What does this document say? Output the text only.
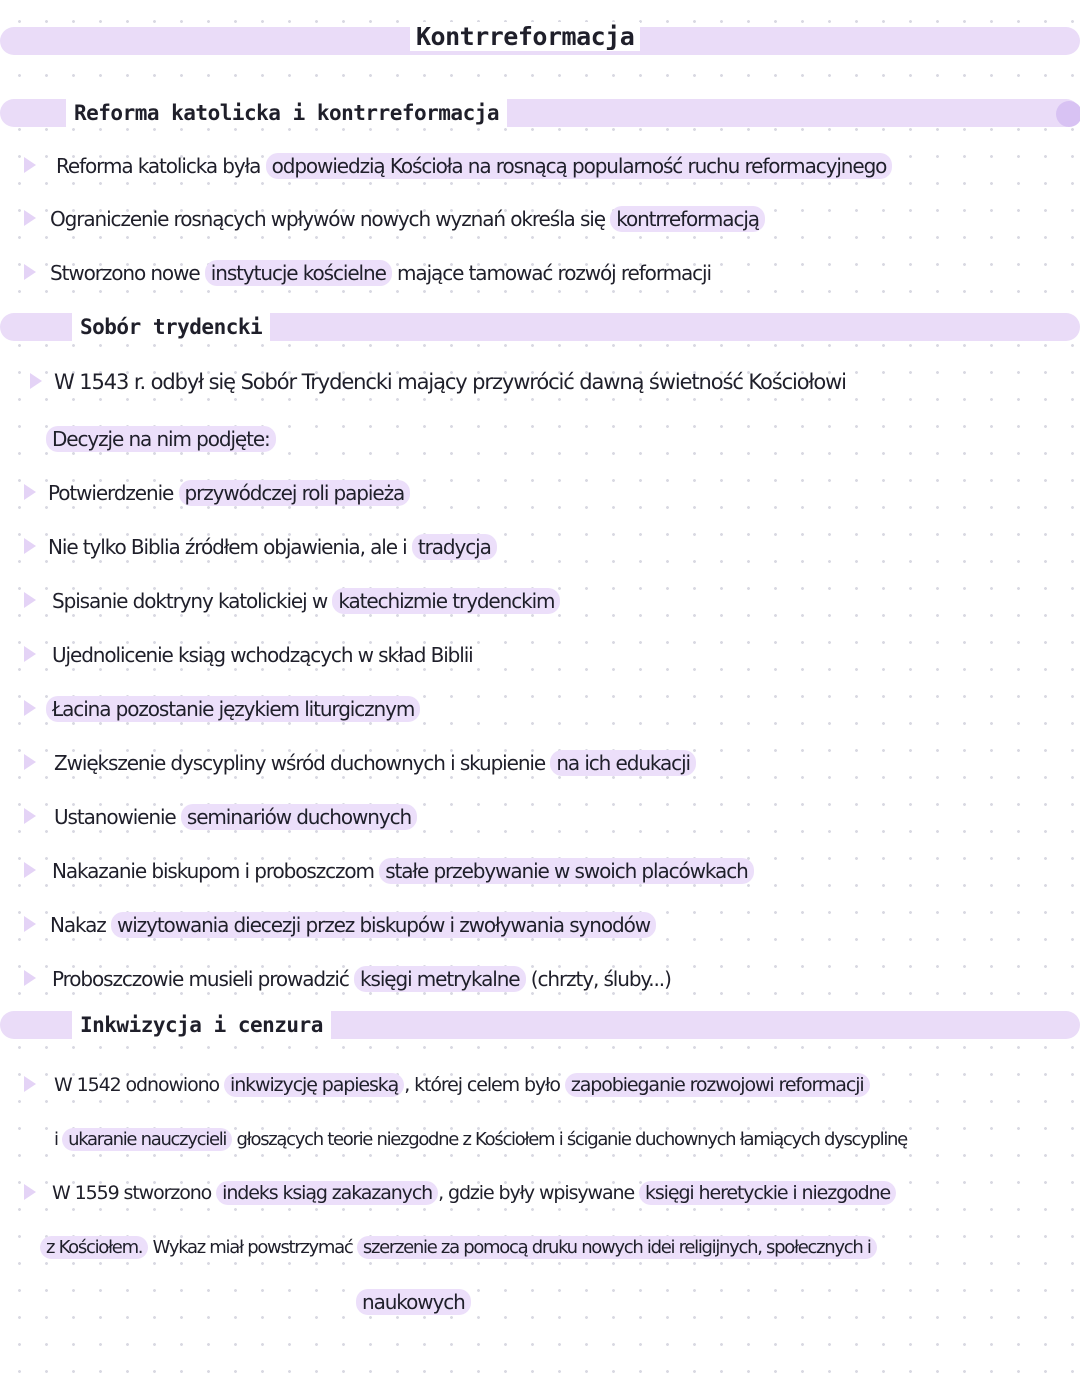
Kontrreformacja
Reforma katolicka i kontrreformacja
Reforma katolicka była odpowiedzią Kościoła na rosnącą popularność ruchu reformacyjnego
Ograniczenie rosnących wpływów nowych wyznań określa się kontrreformacją
Stworzono nowe instytucje kościelne mające tamować rozwój reformacji
Sobór trydencki
W 1543 r. odbył się Sobór Trydencki mający przywrócić dawną świetność Kościołowi
Decyzje na nim podjęte:
Potwierdzenie przywódczej roli papieża
Nie tylko Biblia źródłem objawienia, ale i tradycja
Spisanie doktryny katolickiej w katechizmie trydenckim
Ujednolicenie ksiąg wchodzących w skład Biblii
Łacina pozostanie językiem liturgicznym
Zwiększenie dyscypliny wśród duchownych i skupienie na ich edukacji
Ustanowienie seminariów duchownych
Nakazanie biskupom i proboszczom stałe przebywanie w swoich placówkach
Nakaz wizytowania diecezji przez biskupów i zwoływania synodów
Proboszczowie musieli prowadzić księgi metrykalne (chrzty, śluby...)
Inkwizycja i cenzura
W 1542 odnowiono inkwizycję papieską , której celem było zapobieganie rozwojowi reformacji
i ukaranie nauczycieli głoszących teorie niezgodne z Kościołem i ściganie duchownych łamiących dyscyplinę
W 1559 stworzono indeks ksiąg zakazanych , gdzie były wpisywane księgi heretyckie i niezgodne
z Kościołem. Wykaz miał powstrzymać szerzenie za pomocą druku nowych idei religijnych, społecznych i
naukowych
